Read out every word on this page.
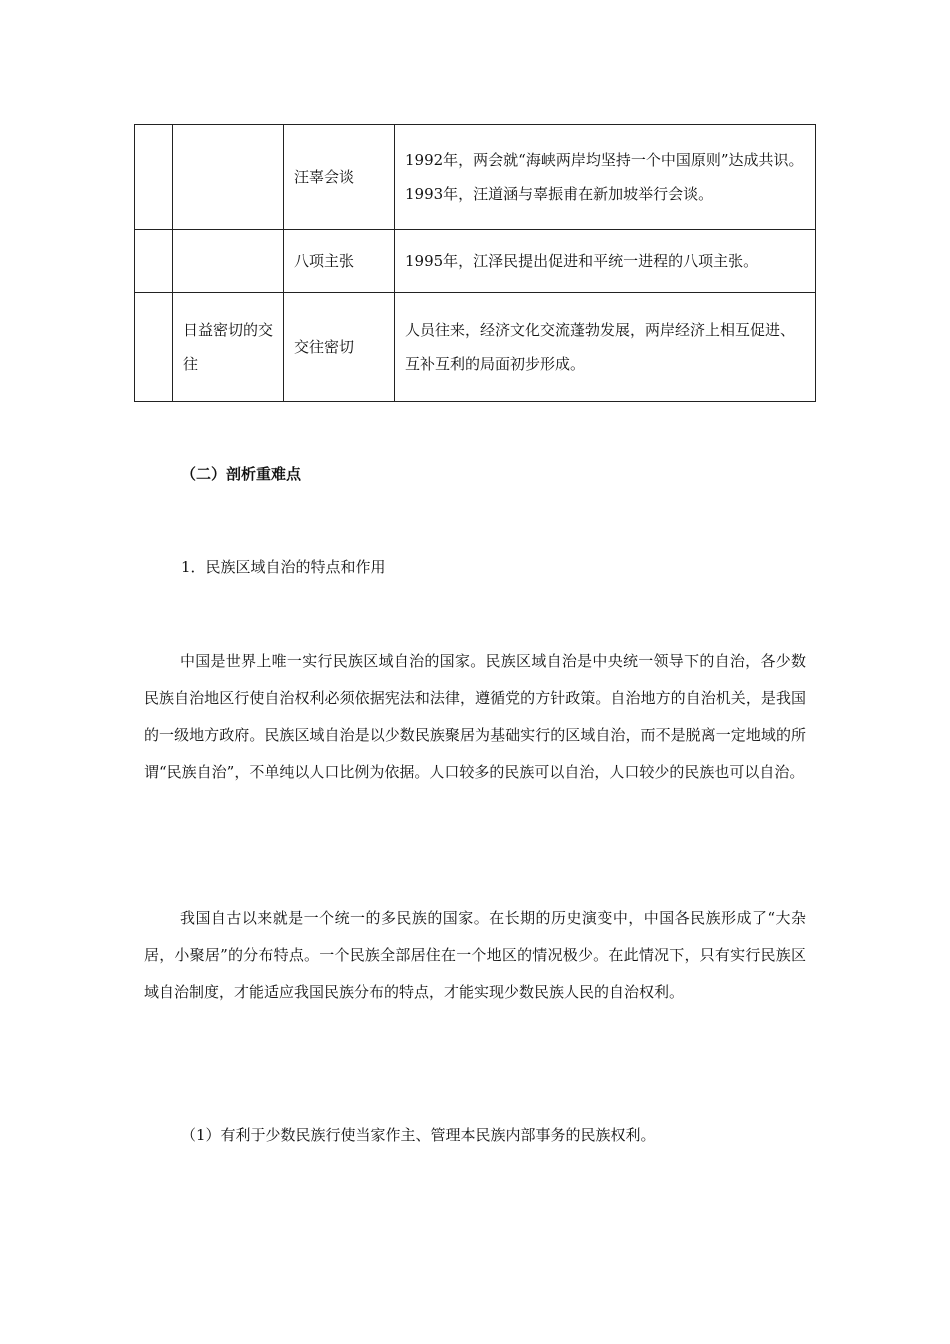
		汪辜会谈	1992年，两会就“海峡两岸均坚持一个中国原则”达成共识。1993年，汪道涵与辜振甫在新加坡举行会谈。
		八项主张	1995年，江泽民提出促进和平统一进程的八项主张。
	日益密切的交往	交往密切	人员往来，经济文化交流蓬勃发展，两岸经济上相互促进、互补互利的局面初步形成。
（二）剖析重难点
1．民族区域自治的特点和作用

中国是世界上唯一实行民族区域自治的国家。民族区域自治是中央统一领导下的自治，各少数民族自治地区行使自治权利必须依据宪法和法律，遵循党的方针政策。自治地方的自治机关，是我国的一级地方政府。民族区域自治是以少数民族聚居为基础实行的区域自治，而不是脱离一定地域的所谓“民族自治”，不单纯以人口比例为依据。人口较多的民族可以自治，人口较少的民族也可以自治。

我国自古以来就是一个统一的多民族的国家。在长期的历史演变中，中国各民族形成了“大杂居，小聚居”的分布特点。一个民族全部居住在一个地区的情况极少。在此情况下，只有实行民族区域自治制度，才能适应我国民族分布的特点，才能实现少数民族人民的自治权利。

（1）有利于少数民族行使当家作主、管理本民族内部事务的民族权利。
